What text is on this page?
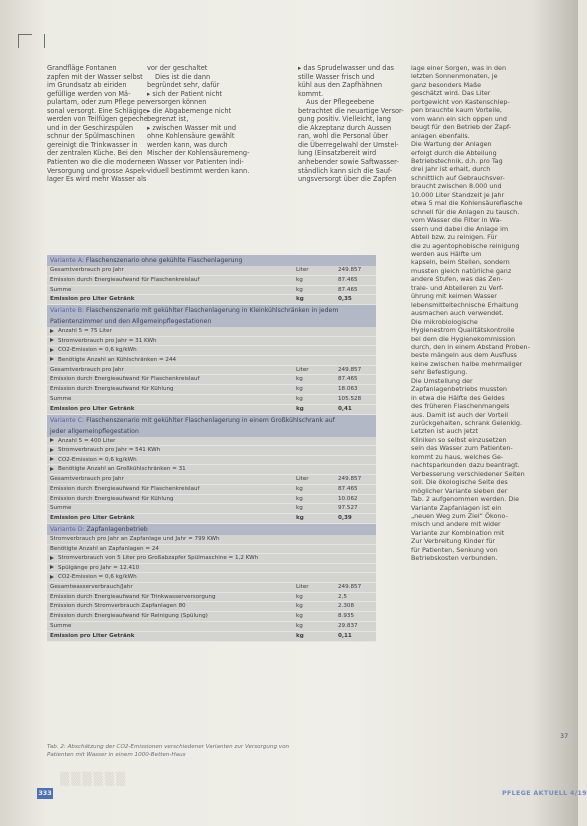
Grandfläge Fontanen
zapfen mit der Wasser selbst
im Grundsatz ab eiriden
gefüllige werden von Mä-
pulartam, oder zum Pflege per-
sonal versorgt. Eine Schlägige
werden von Teilfügen gepeche
und in der Geschirzspülen
schnur der Spülmaschinen
gereinigt die Trinkwasser in
der zentralen Küche. Bei den
Patienten wo die die moderner
Versorgung und grosse Aspek-
lager Es wird mehr Wasser als
vor der geschaltet
Dies ist die dann
begründet sehr, dafür
▸ sich der Patient nicht
versorgen können
▸ die Abgabemenge nicht
begrenzt ist,
▸ zwischen Wasser mit und
ohne Kohlensäure gewählt
werden kann, was durch
Mischer der Kohlensäuremeng-
en Wasser vor Patienten indi-
viduell bestimmt werden kann.
▸ das Sprudelwasser und das
stille Wasser frisch und
kühl aus den Zapfhähnen
kommt.
Aus der Pflegeebene
betrachtet die neuartige Versor-
gung positiv. Vielleicht, lang
die Akzeptanz durch Aussen
ran, wohl die Personal über
die Überregelwahl der Umstel-
lung (Einsatzbereit wird
anhebender sowie Saftwasser-
ständlich kann sich die Sauf-
ungsversorgt über die Zapfen
Variante A: Flaschenszenario ohne gekühlte Flaschenlagerung
Gesamtverbrauch pro Jahr	Liter	249.857
Emission durch Energieaufwand für Flaschenkreislauf	kg	87.465
Summe	kg	87.465
Emission pro Liter Getränk	kg	0,35
Variante B: Flaschenszenario mit gekühlter Flaschenlagerung in Kleinkühlschränken in jedem
Patientenzimmer und den Allgemeinpflegestationen
Anzahl 5 = 75 Liter
Stromverbrauch pro Jahr = 31 KWh
CO2-Emission = 0,6 kg/kWh
Benötigte Anzahl an Kühlschränken = 244
Gesamtverbrauch pro Jahr	Liter	249.857
Emission durch Energieaufwand für Flaschenkreislauf	kg	87.465
Emission durch Energieaufwand für Kühlung	kg	18.063
Summe	kg	105.528
Emission pro Liter Getränk	kg	0,41
Variante C: Flaschenszenario mit gekühlter Flaschenlagerung in einem Großkühlschrank auf
jeder allgemeinpflegestation
Anzahl 5 = 400 Liter
Stromverbrauch pro Jahr = 541 KWh
CO2-Emission = 0,6 kg/kWh
Benötigte Anzahl an Großkühlschränken = 31
Gesamtverbrauch pro Jahr	Liter	249.857
Emission durch Energieaufwand für Flaschenkreislauf	kg	87.465
Emission durch Energieaufwand für Kühlung	kg	10.062
Summe	kg	97.527
Emission pro Liter Getränk	kg	0,39
Variante D: Zapfanlagenbetrieb
Stromverbrauch pro Jahr an Zapfanlage und Jahr = 799 KWh
Benötigte Anzahl an Zapfanlagen = 24
Stromverbrauch von 5 Liter pro Großabzapfer Spülmaschine = 1,2 KWh
Spülgänge pro Jahr = 12.410
CO2-Emission = 0,6 kg/kWh
Gesamtwasserverbrauch/Jahr	Liter	249.857
Emission durch Energieaufwand für Trinkwasserversorgung	kg	2,5
Emission durch Stromverbrauch Zapfanlagen 80	kg	2.308
Emission durch Energieaufwand für Reinigung (Spülung)	kg	8.935
Summe	kg	29.837
Emission pro Liter Getränk	kg	0,11
lage einer Sorgen, was in den
letzten Sonnenmonaten, je
ganz besonders Maße
geschätzt wird. Das Liter
portgewicht von Kastenschlep-
pen brauchte kaum Vorteile,
vom wann ein sich oppen und
beugt für den Betrieb der Zapf-
anlagen ebenfalls.
Die Wartung der Anlagen
erfolgt durch die Abteilung
Betriebstechnik, d.h. pro Tag
drei Jahr ist erhalt, durch
schnittlich auf Gebrauchsver-
braucht zwischen 8.000 und
10.000 Liter Standzeit je Jahr
etwa 5 mal die Kohlensäureflasche
schnell für die Anlagen zu tausch.
vom Wasser die Filter in Wa-
ssern und dabei die Anlage im
Abteil bzw. zu reinigen. Für
die zu agentophobische reinigung
werden aus Hälfte um
kapseln, beim Stellen, sondern
mussten gleich natürliche ganz
andere Stufen, was das Zen-
trale- und Abteileren zu Verf-
ührung mit keimen Wasser
lebensmitteltechnische Erhaltung
ausmachen auch verwendet.
Die mikrobiologische
Hygienestrom Qualitätskontrolle
bei dem die Hygienekommission
durch, den in einem Abstand Proben-
beste mängeln aus dem Ausfluss
keine zwischen halbe mehrmaliger
sehr Befestigung.
Die Umstellung der
Zapfanlagenbetriebs mussten
in etwa die Hälfte des Geldes
des früheren Flaschenmangels
aus. Damit ist auch der Vorteil
zurückgehalten, schrank Gelenkig.
Letzten ist auch jetzt
Kliniken so selbst einzusetzen
sein das Wasser zum Patienten-
kommt zu haus, welches Ge-
nachtsparkunden dazu beantragt.
Verbesserung verschiedener Seiten
soll. Die ökologische Seite des
möglicher Variante sieben der
Tab. 2 aufgenommen werden. Die
Variante Zapfanlagen ist ein
„neuen Weg zum Ziel“ Ökono-
misch und andere mit wider
Variante zur Kombination mit
Zur Verbreitung Kinder für
für Patienten, Senkung von
Betriebskosten verbunden.
37
Tab. 2: Abschätzung der CO2-Emissionen verschiedener Varianten zur Versorgung von
Patienten mit Wasser in einem 1000-Betten-Haus
▒▒▒▒▒▒
333	PFLEGE AKTUELL 4/19
